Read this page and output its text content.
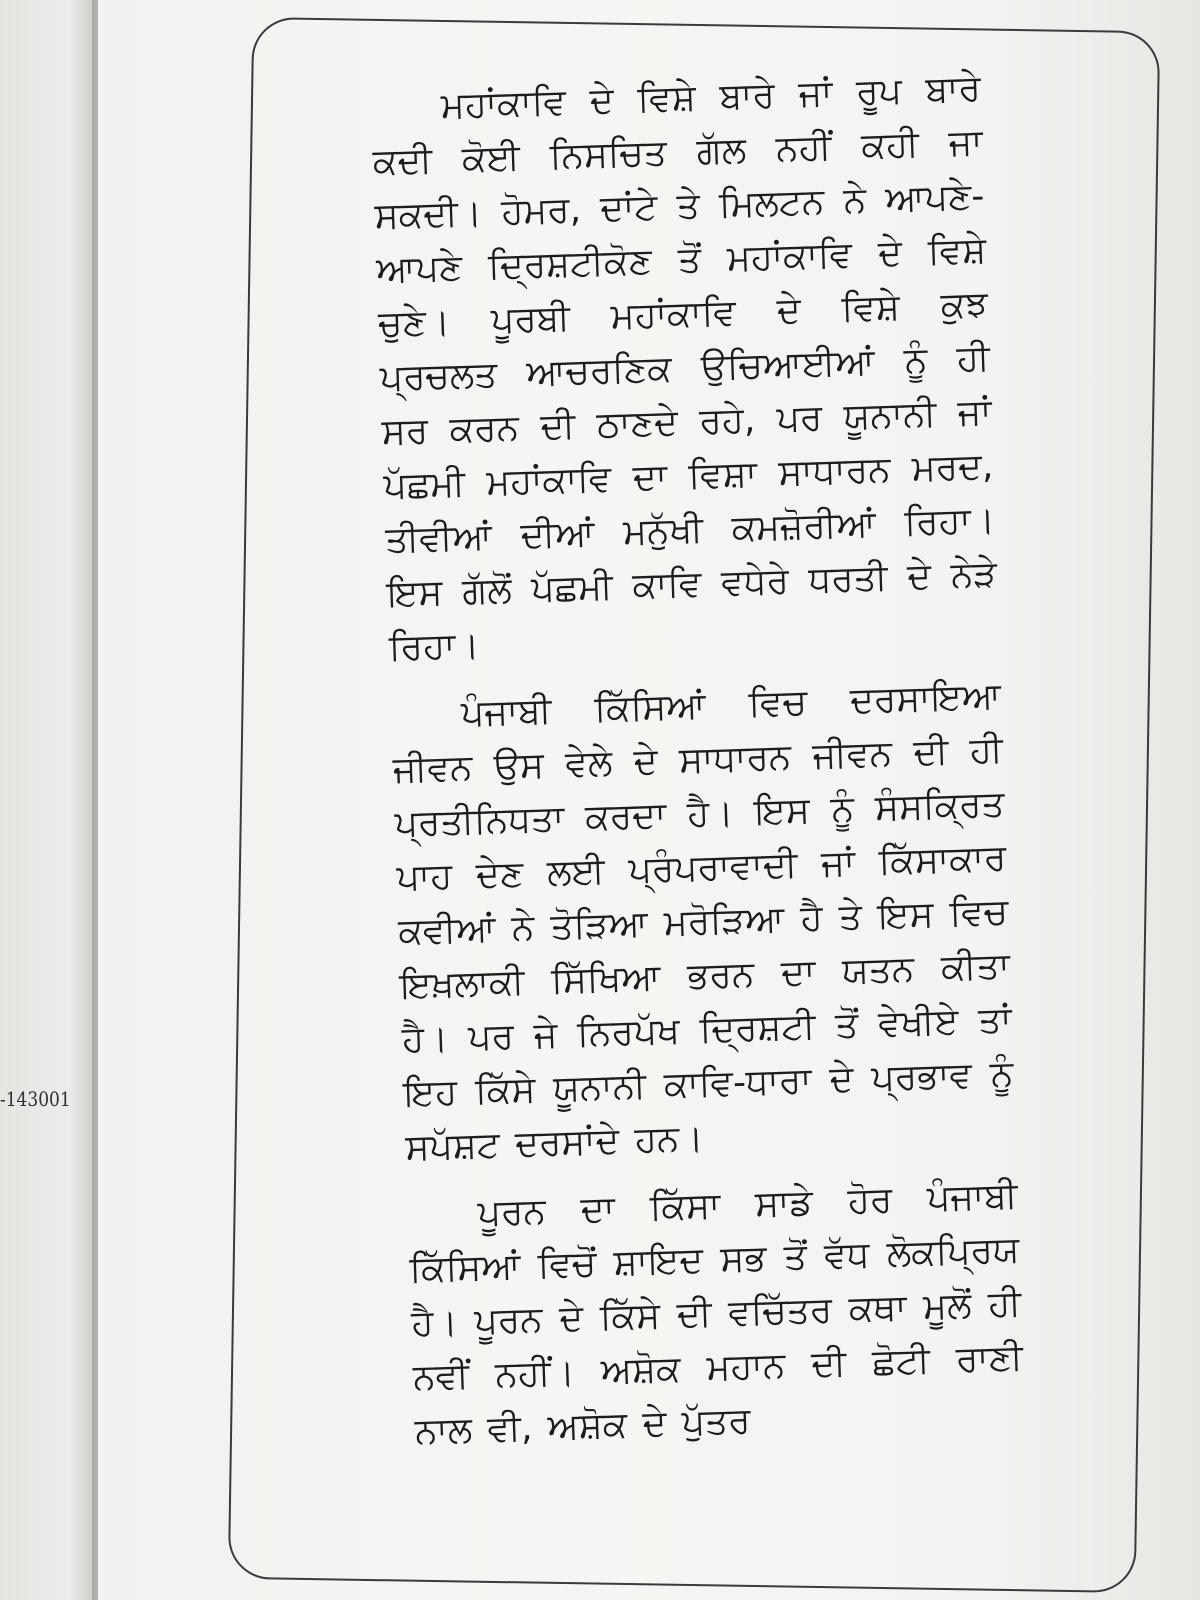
-143001

ਮਹਾਂਕਾਵਿ ਦੇ ਵਿਸ਼ੇ ਬਾਰੇ ਜਾਂ ਰੂਪ ਬਾਰੇ ਕਦੀ ਕੋਈ ਨਿਸਚਿਤ ਗੱਲ ਨਹੀਂ ਕਹੀ ਜਾ ਸਕਦੀ। ਹੋਮਰ, ਦਾਂਟੇ ਤੇ ਮਿਲਟਨ ਨੇ ਆਪਣੇ-ਆਪਣੇ ਦ੍ਰਿਸ਼ਟੀਕੋਣ ਤੋਂ ਮਹਾਂਕਾਵਿ ਦੇ ਵਿਸ਼ੇ ਚੁਣੇ। ਪੂਰਬੀ ਮਹਾਂਕਾਵਿ ਦੇ ਵਿਸ਼ੇ ਕੁਝ ਪ੍ਰਚਲਤ ਆਚਰਣਿਕ ਉਚਿਆਈਆਂ ਨੂੰ ਹੀ ਸਰ ਕਰਨ ਦੀ ਠਾਣਦੇ ਰਹੇ, ਪਰ ਯੂਨਾਨੀ ਜਾਂ ਪੱਛਮੀ ਮਹਾਂਕਾਵਿ ਦਾ ਵਿਸ਼ਾ ਸਾਧਾਰਨ ਮਰਦ, ਤੀਵੀਆਂ ਦੀਆਂ ਮਨੁੱਖੀ ਕਮਜ਼ੋਰੀਆਂ ਰਿਹਾ। ਇਸ ਗੱਲੋਂ ਪੱਛਮੀ ਕਾਵਿ ਵਧੇਰੇ ਧਰਤੀ ਦੇ ਨੇੜੇ ਰਿਹਾ।

ਪੰਜਾਬੀ ਕਿੱਸਿਆਂ ਵਿਚ ਦਰਸਾਇਆ ਜੀਵਨ ਉਸ ਵੇਲੇ ਦੇ ਸਾਧਾਰਨ ਜੀਵਨ ਦੀ ਹੀ ਪ੍ਰਤੀਨਿਧਤਾ ਕਰਦਾ ਹੈ। ਇਸ ਨੂੰ ਸੰਸਕ੍ਰਿਤ ਪਾਹ ਦੇਣ ਲਈ ਪ੍ਰੰਪਰਾਵਾਦੀ ਜਾਂ ਕਿੱਸਾਕਾਰ ਕਵੀਆਂ ਨੇ ਤੋੜਿਆ ਮਰੋੜਿਆ ਹੈ ਤੇ ਇਸ ਵਿਚ ਇਖ਼ਲਾਕੀ ਸਿੱਖਿਆ ਭਰਨ ਦਾ ਯਤਨ ਕੀਤਾ ਹੈ। ਪਰ ਜੇ ਨਿਰਪੱਖ ਦ੍ਰਿਸ਼ਟੀ ਤੋਂ ਵੇਖੀਏ ਤਾਂ ਇਹ ਕਿੱਸੇ ਯੂਨਾਨੀ ਕਾਵਿ-ਧਾਰਾ ਦੇ ਪ੍ਰਭਾਵ ਨੂੰ ਸਪੱਸ਼ਟ ਦਰਸਾਂਦੇ ਹਨ।

ਪੂਰਨ ਦਾ ਕਿੱਸਾ ਸਾਡੇ ਹੋਰ ਪੰਜਾਬੀ ਕਿੱਸਿਆਂ ਵਿਚੋਂ ਸ਼ਾਇਦ ਸਭ ਤੋਂ ਵੱਧ ਲੋਕਪ੍ਰਿਯ ਹੈ। ਪੂਰਨ ਦੇ ਕਿੱਸੇ ਦੀ ਵਚਿੱਤਰ ਕਥਾ ਮੂਲੋਂ ਹੀ ਨਵੀਂ ਨਹੀਂ। ਅਸ਼ੋਕ ਮਹਾਨ ਦੀ ਛੋਟੀ ਰਾਣੀ ਨਾਲ ਵੀ, ਅਸ਼ੋਕ ਦੇ ਪੁੱਤਰ
